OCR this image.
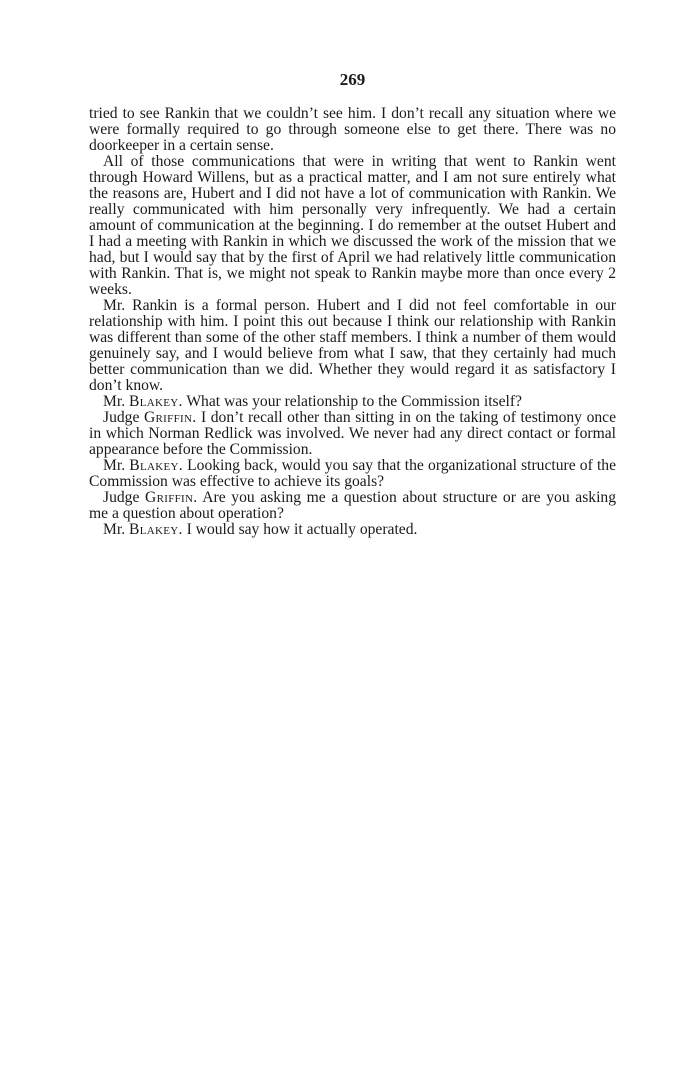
269

tried to see Rankin that we couldn’t see him. I don’t recall any situation where we were formally required to go through someone else to get there. There was no doorkeeper in a certain sense.

All of those communications that were in writing that went to Rankin went through Howard Willens, but as a practical matter, and I am not sure entirely what the reasons are, Hubert and I did not have a lot of communication with Rankin. We really communicated with him personally very infrequently. We had a certain amount of communication at the beginning. I do remember at the outset Hubert and I had a meeting with Rankin in which we discussed the work of the mission that we had, but I would say that by the first of April we had relatively little communication with Rankin. That is, we might not speak to Rankin maybe more than once every 2 weeks.

Mr. Rankin is a formal person. Hubert and I did not feel comfortable in our relationship with him. I point this out because I think our relationship with Rankin was different than some of the other staff members. I think a number of them would genuinely say, and I would believe from what I saw, that they certainly had much better communication than we did. Whether they would regard it as satisfactory I don’t know.

Mr. Blakey. What was your relationship to the Commission itself?

Judge Griffin. I don’t recall other than sitting in on the taking of testimony once in which Norman Redlick was involved. We never had any direct contact or formal appearance before the Commission.

Mr. Blakey. Looking back, would you say that the organizational structure of the Commission was effective to achieve its goals?

Judge Griffin. Are you asking me a question about structure or are you asking me a question about operation?

Mr. Blakey. I would say how it actually operated.
